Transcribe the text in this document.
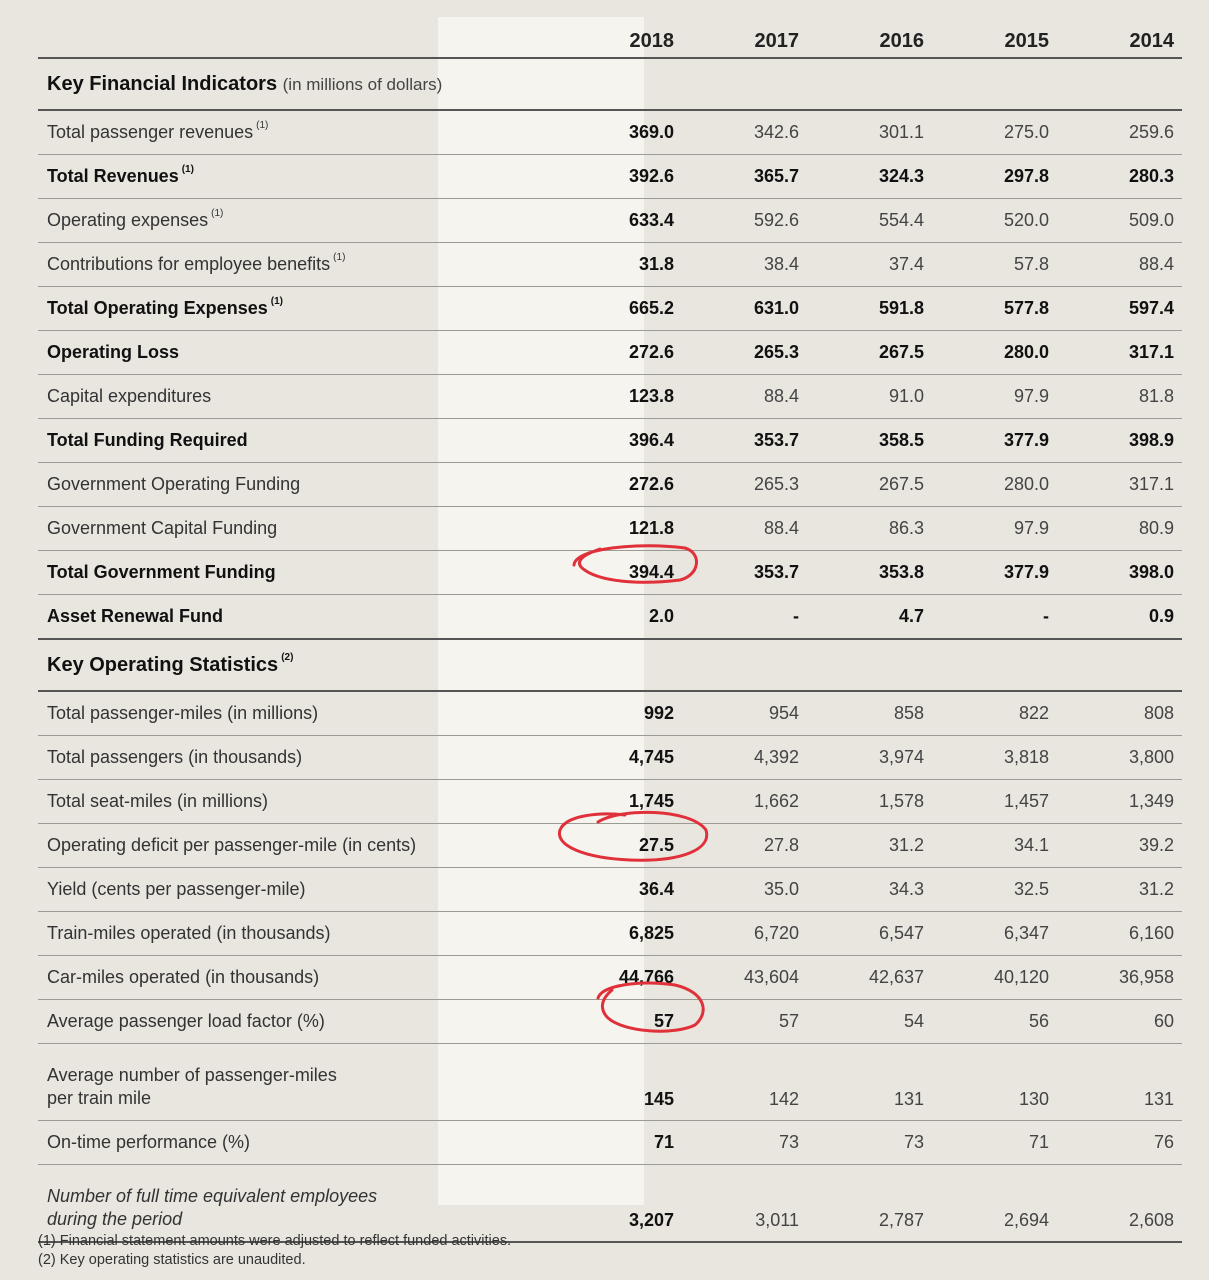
	2018	2017	2016	2015	2014
Key Financial Indicators (in millions of dollars)					
Total passenger revenues $^{(1)}$	369.0	342.6	301.1	275.0	259.6
Total Revenues $^{(1)}$	392.6	365.7	324.3	297.8	280.3
Operating expenses $^{(1)}$	633.4	592.6	554.4	520.0	509.0
Contributions for employee benefits $^{(1)}$	31.8	38.4	37.4	57.8	88.4
Total Operating Expenses $^{(1)}$	665.2	631.0	591.8	577.8	597.4
Operating Loss	272.6	265.3	267.5	280.0	317.1
Capital expenditures	123.8	88.4	91.0	97.9	81.8
Total Funding Required	396.4	353.7	358.5	377.9	398.9
Government Operating Funding	272.6	265.3	267.5	280.0	317.1
Government Capital Funding	121.8	88.4	86.3	97.9	80.9
Total Government Funding	394.4	353.7	353.8	377.9	398.0
Asset Renewal Fund	2.0	-	4.7	-	0.9
Key Operating Statistics $^{(2)}$
Total passenger-miles (in millions)	992	954	858	822	808
Total passengers (in thousands)	4,745	4,392	3,974	3,818	3,800
Total seat-miles (in millions)	1,745	1,662	1,578	1,457	1,349
Operating deficit per passenger-mile (in cents)	27.5	27.8	31.2	34.1	39.2
Yield (cents per passenger-mile)	36.4	35.0	34.3	32.5	31.2
Train-miles operated (in thousands)	6,825	6,720	6,547	6,347	6,160
Car-miles operated (in thousands)	44,766	43,604	42,637	40,120	36,958
Average passenger load factor (%)	57	57	54	56	60

Average number of passenger-miles
per train mile	145	142	131	130	131
On-time performance (%)	71	73	73	71	76

Number of full time equivalent employees
during the period	3,207	3,011	2,787	2,694	2,608
(1) Financial statement amounts were adjusted to reflect funded activities.
(2) Key operating statistics are unaudited.
